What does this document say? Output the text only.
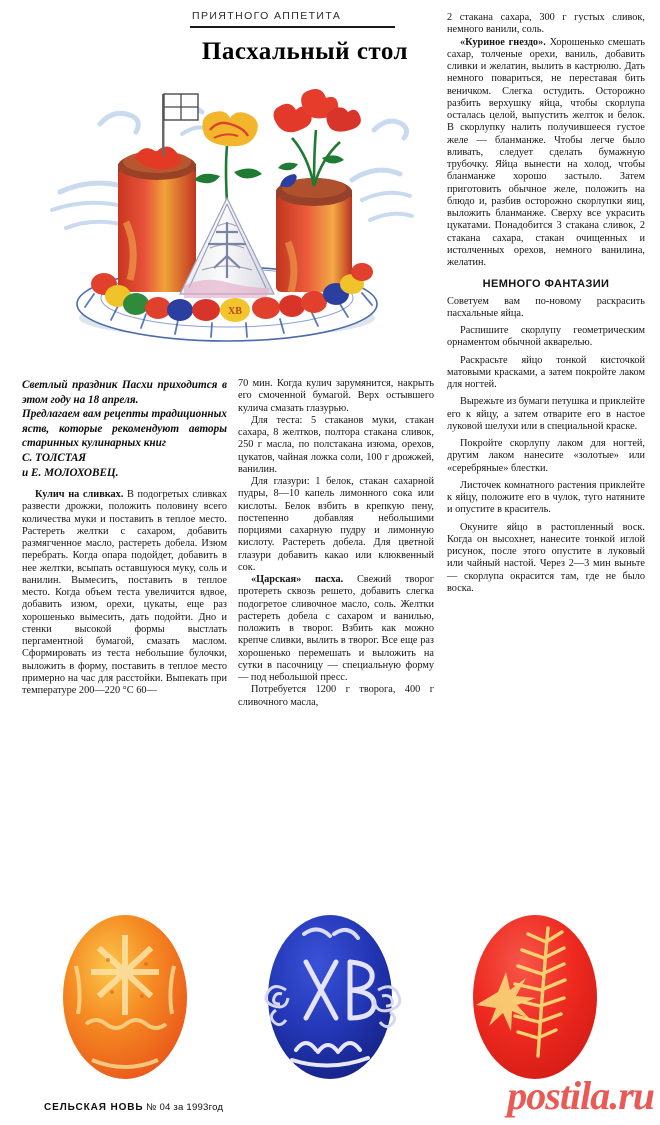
ПРИЯТНОГО АППЕТИТА
Пасхальный стол
ХВ
Светлый праздник Пасхи приходится в этом году на 18 апреля.
Предлагаем вам рецепты традиционных яств, которые рекомендуют авторы старинных кулинарных книг
С. ТОЛСТАЯ
и Е. МОЛОХОВЕЦ.

Кулич на сливках. В подогретых сливках развести дрожжи, положить половину всего количества муки и поставить в теплое место. Растереть желтки с сахаром, добавить размягченное масло, растереть добела. Изюм перебрать. Когда опара подойдет, добавить в нее желтки, всыпать оставшуюся муку, соль и ванилин. Вымесить, поставить в теплое место. Когда объем теста увеличится вдвое, добавить изюм, орехи, цукаты, еще раз хорошенько вымесить, дать подойти. Дно и стенки высокой формы выстлать пергаментной бумагой, смазать маслом. Сформировать из теста небольшие булочки, выложить в форму, поставить в теплое место примерно на час для расстойки. Выпекать при температуре 200—220 °C 60—

70 мин. Когда кулич зарумянится, накрыть его смоченной бумагой. Верх остывшего кулича смазать глазурью.

Для теста: 5 стаканов муки, стакан сахара, 8 желтков, полтора стакана сливок, 250 г масла, по полстакана изюма, орехов, цукатов, чайная ложка соли, 100 г дрожжей, ванилин.

Для глазури: 1 белок, стакан сахарной пудры, 8—10 капель лимонного сока или кислоты. Белок взбить в крепкую пену, постепенно добавляя небольшими порциями сахарную пудру и лимонную кислоту. Растереть добела. Для цветной глазури добавить какао или клюквенный сок.

«Царская» пасха. Свежий творог протереть сквозь решето, добавить слегка подогретое сливочное масло, соль. Желтки растереть добела с сахаром и ванилью, положить в творог. Взбить как можно крепче сливки, вылить в творог. Все еще раз хорошенько перемешать и выложить на сутки в пасочницу — специальную форму — под небольшой пресс.

Потребуется 1200 г творога, 400 г сливочного масла,

2 стакана сахара, 300 г густых сливок, немного ванили, соль.

«Куриное гнездо». Хорошенько смешать сахар, толченые орехи, ваниль, добавить сливки и желатин, вылить в кастрюлю. Дать немного повариться, не переставая бить веничком. Слегка остудить. Осторожно разбить верхушку яйца, чтобы скорлупа осталась целой, выпустить желток и белок. В скорлупку налить получившееся густое желе — бланманже. Чтобы легче было вливать, следует сделать бумажную трубочку. Яйца вынести на холод, чтобы бланманже хорошо застыло. Затем приготовить обычное желе, положить на блюдо и, разбив осторожно скорлупки яиц, выложить бланманже. Сверху все украсить цукатами. Понадобится 3 стакана сливок, 2 стакана сахара, стакан очищенных и истолченных орехов, немного ванилина, желатин.

НЕМНОГО ФАНТАЗИИ

Советуем вам по-новому раскрасить пасхальные яйца.

Распишите скорлупу геометрическим орнаментом обычной акварелью.

Раскрасьте яйцо тонкой кисточкой матовыми красками, а затем покройте лаком для ногтей.

Вырежьте из бумаги петушка и приклейте его к яйцу, а затем отварите его в настое луковой шелухи или в специальной краске.

Покройте скорлупу лаком для ногтей, другим лаком нанесите «золотые» или «серебряные» блестки.

Листочек комнатного растения приклейте к яйцу, положите его в чулок, туго натяните и опустите в краситель.

Окуните яйцо в растопленный воск. Когда он высохнет, нанесите тонкой иглой рисунок, после этого опустите в луковый или чайный настой. Через 2—3 мин выньте — скорлупа окрасится там, где не было воска.

СЕЛЬСКАЯ НОВЬ № 04 за 1993год	postila.ru
